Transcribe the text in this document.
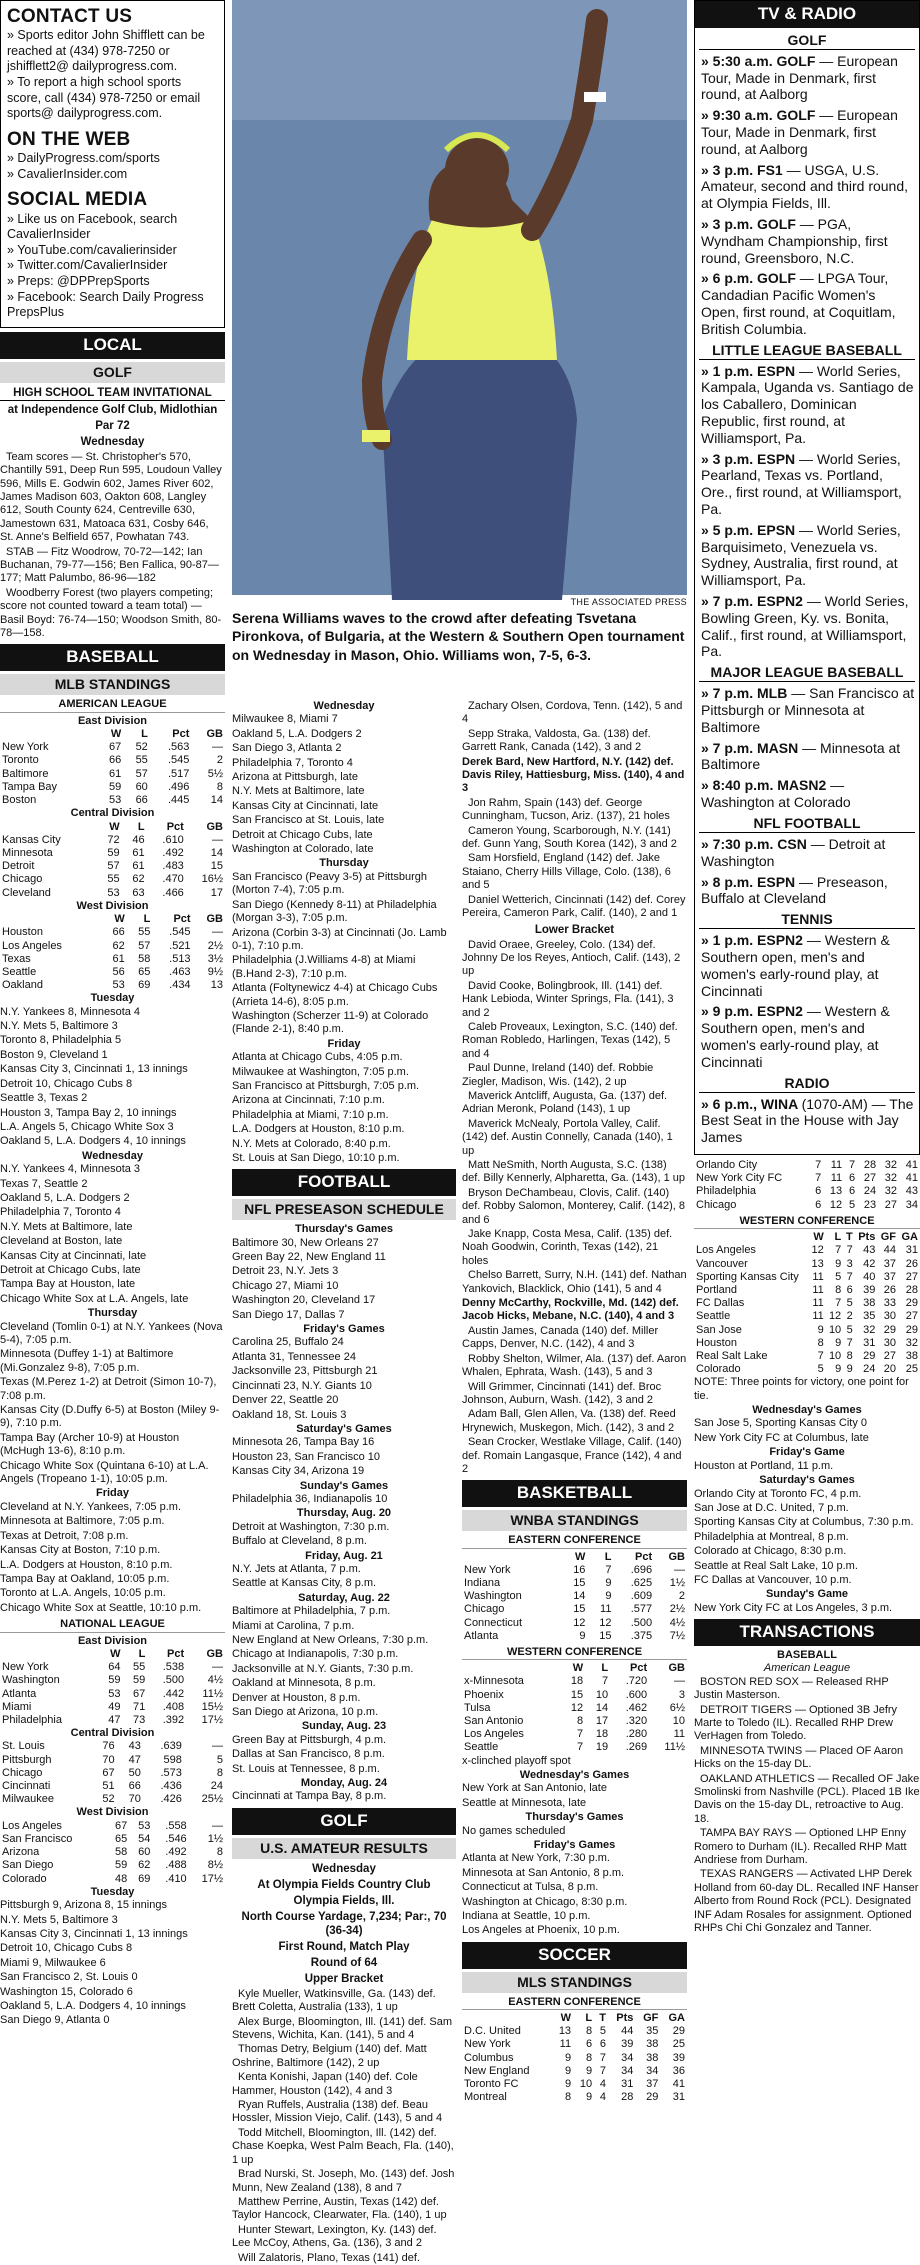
CONTACT US
» Sports editor John Shifflett can be reached at (434) 978-7250 or jshifflett2@ dailyprogress.com.
» To report a high school sports score, call (434) 978-7250 or email sports@ dailyprogress.com.
ON THE WEB
» DailyProgress.com/sports
» CavalierInsider.com
SOCIAL MEDIA
» Like us on Facebook, search CavalierInsider
» YouTube.com/cavalierinsider
» Twitter.com/CavalierInsider
» Preps: @DPPrepSports
» Facebook: Search Daily Progress PrepsPlus
LOCAL
GOLF
HIGH SCHOOL TEAM INVITATIONAL
at Independence Golf Club, Midlothian
Par 72
Wednesday
Team scores — St. Christopher's 570, Chantilly 591, Deep Run 595, Loudoun Valley 596, Mills E. Godwin 602, James River 602, James Madison 603, Oakton 608, Langley 612, South County 624, Centreville 630, Jamestown 631, Matoaca 631, Cosby 646, St. Anne's Belfield 657, Powhatan 743.
STAB — Fitz Woodrow, 70-72—142; Ian Buchanan, 79-77—156; Ben Fallica, 90-87—177; Matt Palumbo, 86-96—182
Woodberry Forest (two players competing; score not counted toward a team total) — Basil Boyd: 76-74—150; Woodson Smith, 80-78—158.
BASEBALL
MLB STANDINGS
AMERICAN LEAGUE
East Division
	W	L	Pct	GB
New York	67	52	.563	—
Toronto	66	55	.545	2
Baltimore	61	57	.517	5½
Tampa Bay	59	60	.496	8
Boston	53	66	.445	14
Central Division
	W	L	Pct	GB
Kansas City	72	46	.610	—
Minnesota	59	61	.492	14
Detroit	57	61	.483	15
Chicago	55	62	.470	16½
Cleveland	53	63	.466	17
West Division
	W	L	Pct	GB
Houston	66	55	.545	—
Los Angeles	62	57	.521	2½
Texas	61	58	.513	3½
Seattle	56	65	.463	9½
Oakland	53	69	.434	13
Tuesday
N.Y. Yankees 8, Minnesota 4
N.Y. Mets 5, Baltimore 3
Toronto 8, Philadelphia 5
Boston 9, Cleveland 1
Kansas City 3, Cincinnati 1, 13 innings
Detroit 10, Chicago Cubs 8
Seattle 3, Texas 2
Houston 3, Tampa Bay 2, 10 innings
L.A. Angels 5, Chicago White Sox 3
Oakland 5, L.A. Dodgers 4, 10 innings
Wednesday
N.Y. Yankees 4, Minnesota 3
Texas 7, Seattle 2
Oakland 5, L.A. Dodgers 2
Philadelphia 7, Toronto 4
N.Y. Mets at Baltimore, late
Cleveland at Boston, late
Kansas City at Cincinnati, late
Detroit at Chicago Cubs, late
Tampa Bay at Houston, late
Chicago White Sox at L.A. Angels, late
Thursday
Cleveland (Tomlin 0-1) at N.Y. Yankees (Nova 5-4), 7:05 p.m.
Minnesota (Duffey 1-1) at Baltimore (Mi.Gonzalez 9-8), 7:05 p.m.
Texas (M.Perez 1-2) at Detroit (Simon 10-7), 7:08 p.m.
Kansas City (D.Duffy 6-5) at Boston (Miley 9-9), 7:10 p.m.
Tampa Bay (Archer 10-9) at Houston (McHugh 13-6), 8:10 p.m.
Chicago White Sox (Quintana 6-10) at L.A. Angels (Tropeano 1-1), 10:05 p.m.
Friday
Cleveland at N.Y. Yankees, 7:05 p.m.
Minnesota at Baltimore, 7:05 p.m.
Texas at Detroit, 7:08 p.m.
Kansas City at Boston, 7:10 p.m.
L.A. Dodgers at Houston, 8:10 p.m.
Tampa Bay at Oakland, 10:05 p.m.
Toronto at L.A. Angels, 10:05 p.m.
Chicago White Sox at Seattle, 10:10 p.m.
NATIONAL LEAGUE
East Division
	W	L	Pct	GB
New York	64	55	.538	—
Washington	59	59	.500	4½
Atlanta	53	67	.442	11½
Miami	49	71	.408	15½
Philadelphia	47	73	.392	17½
Central Division
St. Louis	76	43	.639	—
Pittsburgh	70	47	598	5
Chicago	67	50	.573	8
Cincinnati	51	66	.436	24
Milwaukee	52	70	.426	25½
West Division
Los Angeles	67	53	.558	—
San Francisco	65	54	.546	1½
Arizona	58	60	.492	8
San Diego	59	62	.488	8½
Colorado	48	69	.410	17½
Tuesday
Pittsburgh 9, Arizona 8, 15 innings
N.Y. Mets 5, Baltimore 3
Kansas City 3, Cincinnati 1, 13 innings
Detroit 10, Chicago Cubs 8
Miami 9, Milwaukee 6
San Francisco 2, St. Louis 0
Washington 15, Colorado 6
Oakland 5, L.A. Dodgers 4, 10 innings
San Diego 9, Atlanta 0
THE ASSOCIATED PRESS
Serena Williams waves to the crowd after defeating Tsvetana Pironkova, of Bulgaria, at the Western & Southern Open tournament on Wednesday in Mason, Ohio. Williams won, 7-5, 6-3.
Wednesday
Milwaukee 8, Miami 7
Oakland 5, L.A. Dodgers 2
San Diego 3, Atlanta 2
Philadelphia 7, Toronto 4
Arizona at Pittsburgh, late
N.Y. Mets at Baltimore, late
Kansas City at Cincinnati, late
San Francisco at St. Louis, late
Detroit at Chicago Cubs, late
Washington at Colorado, late
Thursday
San Francisco (Peavy 3-5) at Pittsburgh (Morton 7-4), 7:05 p.m.
San Diego (Kennedy 8-11) at Philadelphia (Morgan 3-3), 7:05 p.m.
Arizona (Corbin 3-3) at Cincinnati (Jo. Lamb 0-1), 7:10 p.m.
Philadelphia (J.Williams 4-8) at Miami (B.Hand 2-3), 7:10 p.m.
Atlanta (Foltynewicz 4-4) at Chicago Cubs (Arrieta 14-6), 8:05 p.m.
Washington (Scherzer 11-9) at Colorado (Flande 2-1), 8:40 p.m.
Friday
Atlanta at Chicago Cubs, 4:05 p.m.
Milwaukee at Washington, 7:05 p.m.
San Francisco at Pittsburgh, 7:05 p.m.
Arizona at Cincinnati, 7:10 p.m.
Philadelphia at Miami, 7:10 p.m.
L.A. Dodgers at Houston, 8:10 p.m.
N.Y. Mets at Colorado, 8:40 p.m.
St. Louis at San Diego, 10:10 p.m.
FOOTBALL
NFL PRESEASON SCHEDULE
Thursday's Games
Baltimore 30, New Orleans 27
Green Bay 22, New England 11
Detroit 23, N.Y. Jets 3
Chicago 27, Miami 10
Washington 20, Cleveland 17
San Diego 17, Dallas 7
Friday's Games
Carolina 25, Buffalo 24
Atlanta 31, Tennessee 24
Jacksonville 23, Pittsburgh 21
Cincinnati 23, N.Y. Giants 10
Denver 22, Seattle 20
Oakland 18, St. Louis 3
Saturday's Games
Minnesota 26, Tampa Bay 16
Houston 23, San Francisco 10
Kansas City 34, Arizona 19
Sunday's Games
Philadelphia 36, Indianapolis 10
Thursday, Aug. 20
Detroit at Washington, 7:30 p.m.
Buffalo at Cleveland, 8 p.m.
Friday, Aug. 21
N.Y. Jets at Atlanta, 7 p.m.
Seattle at Kansas City, 8 p.m.
Saturday, Aug. 22
Baltimore at Philadelphia, 7 p.m.
Miami at Carolina, 7 p.m.
New England at New Orleans, 7:30 p.m.
Chicago at Indianapolis, 7:30 p.m.
Jacksonville at N.Y. Giants, 7:30 p.m.
Oakland at Minnesota, 8 p.m.
Denver at Houston, 8 p.m.
San Diego at Arizona, 10 p.m.
Sunday, Aug. 23
Green Bay at Pittsburgh, 4 p.m.
Dallas at San Francisco, 8 p.m.
St. Louis at Tennessee, 8 p.m.
Monday, Aug. 24
Cincinnati at Tampa Bay, 8 p.m.
GOLF
U.S. AMATEUR RESULTS
Wednesday
At Olympia Fields Country Club
Olympia Fields, Ill.
North Course Yardage, 7,234; Par:, 70 (36-34)
First Round, Match Play
Round of 64
Upper Bracket
Kyle Mueller, Watkinsville, Ga. (143) def. Brett Coletta, Australia (133), 1 up
Alex Burge, Bloomington, Ill. (141) def. Sam Stevens, Wichita, Kan. (141), 5 and 4
Thomas Detry, Belgium (140) def. Matt Oshrine, Baltimore (142), 2 up
Kenta Konishi, Japan (140) def. Cole Hammer, Houston (142), 4 and 3
Ryan Ruffels, Australia (138) def. Beau Hossler, Mission Viejo, Calif. (143), 5 and 4
Todd Mitchell, Bloomington, Ill. (142) def. Chase Koepka, West Palm Beach, Fla. (140), 1 up
Brad Nurski, St. Joseph, Mo. (143) def. Josh Munn, New Zealand (138), 8 and 7
Matthew Perrine, Austin, Texas (142) def. Taylor Hancock, Clearwater, Fla. (140), 1 up
Hunter Stewart, Lexington, Ky. (143) def. Lee McCoy, Athens, Ga. (136), 3 and 2
Will Zalatoris, Plano, Texas (141) def.
Zachary Olsen, Cordova, Tenn. (142), 5 and 4
Sepp Straka, Valdosta, Ga. (138) def. Garrett Rank, Canada (142), 3 and 2
Derek Bard, New Hartford, N.Y. (142) def. Davis Riley, Hattiesburg, Miss. (140), 4 and 3
Jon Rahm, Spain (143) def. George Cunningham, Tucson, Ariz. (137), 21 holes
Cameron Young, Scarborough, N.Y. (141) def. Gunn Yang, South Korea (142), 3 and 2
Sam Horsfield, England (142) def. Jake Staiano, Cherry Hills Village, Colo. (138), 6 and 5
Daniel Wetterich, Cincinnati (142) def. Corey Pereira, Cameron Park, Calif. (140), 2 and 1
Lower Bracket
David Oraee, Greeley, Colo. (134) def. Johnny De los Reyes, Antioch, Calif. (143), 2 up
David Cooke, Bolingbrook, Ill. (141) def. Hank Lebioda, Winter Springs, Fla. (141), 3 and 2
Caleb Proveaux, Lexington, S.C. (140) def. Roman Robledo, Harlingen, Texas (142), 5 and 4
Paul Dunne, Ireland (140) def. Robbie Ziegler, Madison, Wis. (142), 2 up
Maverick Antcliff, Augusta, Ga. (137) def. Adrian Meronk, Poland (143), 1 up
Maverick McNealy, Portola Valley, Calif. (142) def. Austin Connelly, Canada (140), 1 up
Matt NeSmith, North Augusta, S.C. (138) def. Billy Kennerly, Alpharetta, Ga. (143), 1 up
Bryson DeChambeau, Clovis, Calif. (140) def. Robby Salomon, Monterey, Calif. (142), 8 and 6
Jake Knapp, Costa Mesa, Calif. (135) def. Noah Goodwin, Corinth, Texas (142), 21 holes
Chelso Barrett, Surry, N.H. (141) def. Nathan Yankovich, Blacklick, Ohio (141), 5 and 4
Denny McCarthy, Rockville, Md. (142) def. Jacob Hicks, Mebane, N.C. (140), 4 and 3
Austin James, Canada (140) def. Miller Capps, Denver, N.C. (142), 4 and 3
Robby Shelton, Wilmer, Ala. (137) def. Aaron Whalen, Ephrata, Wash. (143), 5 and 3
Will Grimmer, Cincinnati (141) def. Broc Johnson, Auburn, Wash. (142), 3 and 2
Adam Ball, Glen Allen, Va. (138) def. Reed Hrynewich, Muskegon, Mich. (142), 3 and 2
Sean Crocker, Westlake Village, Calif. (140) def. Romain Langasque, France (142), 4 and 2
BASKETBALL
WNBA STANDINGS
EASTERN CONFERENCE
	W	L	Pct	GB
New York	16	7	.696	—
Indiana	15	9	.625	1½
Washington	14	9	.609	2
Chicago	15	11	.577	2½
Connecticut	12	12	.500	4½
Atlanta	9	15	.375	7½
WESTERN CONFERENCE
	W	L	Pct	GB
x-Minnesota	18	7	.720	—
Phoenix	15	10	.600	3
Tulsa	12	14	.462	6½
San Antonio	8	17	.320	10
Los Angeles	7	18	.280	11
Seattle	7	19	.269	11½
x-clinched playoff spot
Wednesday's Games
New York at San Antonio, late
Seattle at Minnesota, late
Thursday's Games
No games scheduled
Friday's Games
Atlanta at New York, 7:30 p.m.
Minnesota at San Antonio, 8 p.m.
Connecticut at Tulsa, 8 p.m.
Washington at Chicago, 8:30 p.m.
Indiana at Seattle, 10 p.m.
Los Angeles at Phoenix, 10 p.m.
SOCCER
MLS STANDINGS
EASTERN CONFERENCE
	W	L	T	Pts	GF	GA
D.C. United	13	8	5	44	35	29
New York	11	6	6	39	38	25
Columbus	9	8	7	34	38	39
New England	9	9	7	34	34	36
Toronto FC	9	10	4	31	37	41
Montreal	8	9	4	28	29	31
TV & RADIO
GOLF
» 5:30 a.m. GOLF — European Tour, Made in Denmark, first round, at Aalborg
» 9:30 a.m. GOLF — European Tour, Made in Denmark, first round, at Aalborg
» 3 p.m. FS1 — USGA, U.S. Amateur, second and third round, at Olympia Fields, Ill.
» 3 p.m. GOLF — PGA, Wyndham Championship, first round, Greensboro, N.C.
» 6 p.m. GOLF — LPGA Tour, Candadian Pacific Women's Open, first round, at Coquitlam, British Columbia.
LITTLE LEAGUE BASEBALL
» 1 p.m. ESPN — World Series, Kampala, Uganda vs. Santiago de los Caballero, Dominican Republic, first round, at Williamsport, Pa.
» 3 p.m. ESPN — World Series, Pearland, Texas vs. Portland, Ore., first round, at Williamsport, Pa.
» 5 p.m. EPSN — World Series, Barquisimeto, Venezuela vs. Sydney, Australia, first round, at Williamsport, Pa.
» 7 p.m. ESPN2 — World Series, Bowling Green, Ky. vs. Bonita, Calif., first round, at Williamsport, Pa.
MAJOR LEAGUE BASEBALL
» 7 p.m. MLB — San Francisco at Pittsburgh or Minnesota at Baltimore
» 7 p.m. MASN — Minnesota at Baltimore
» 8:40 p.m. MASN2 — Washington at Colorado
NFL FOOTBALL
» 7:30 p.m. CSN — Detroit at Washington
» 8 p.m. ESPN — Preseason, Buffalo at Cleveland
TENNIS
» 1 p.m. ESPN2 — Western & Southern open, men's and women's early-round play, at Cincinnati
» 9 p.m. ESPN2 — Western & Southern open, men's and women's early-round play, at Cincinnati
RADIO
» 6 p.m., WINA (1070-AM) — The Best Seat in the House with Jay James
Orlando City	7	11	7	28	32	41
New York City FC	7	11	6	27	32	41
Philadelphia	6	13	6	24	32	43
Chicago	6	12	5	23	27	34
WESTERN CONFERENCE
	W	L	T	Pts	GF	GA
Los Angeles	12	7	7	43	44	31
Vancouver	13	9	3	42	37	26
Sporting Kansas City	11	5	7	40	37	27
Portland	11	8	6	39	26	28
FC Dallas	11	7	5	38	33	29
Seattle	11	12	2	35	30	27
San Jose	9	10	5	32	29	29
Houston	8	9	7	31	30	32
Real Salt Lake	7	10	8	29	27	38
Colorado	5	9	9	24	20	25
NOTE: Three points for victory, one point for tie.
Wednesday's Games
San Jose 5, Sporting Kansas City 0
New York City FC at Columbus, late
Friday's Game
Houston at Portland, 11 p.m.
Saturday's Games
Orlando City at Toronto FC, 4 p.m.
San Jose at D.C. United, 7 p.m.
Sporting Kansas City at Columbus, 7:30 p.m.
Philadelphia at Montreal, 8 p.m.
Colorado at Chicago, 8:30 p.m.
Seattle at Real Salt Lake, 10 p.m.
FC Dallas at Vancouver, 10 p.m.
Sunday's Game
New York City FC at Los Angeles, 3 p.m.
TRANSACTIONS
BASEBALL
American League
BOSTON RED SOX — Released RHP Justin Masterson.
DETROIT TIGERS — Optioned 3B Jefry Marte to Toledo (IL). Recalled RHP Drew VerHagen from Toledo.
MINNESOTA TWINS — Placed OF Aaron Hicks on the 15-day DL.
OAKLAND ATHLETICS — Recalled OF Jake Smolinski from Nashville (PCL). Placed 1B Ike Davis on the 15-day DL, retroactive to Aug. 18.
TAMPA BAY RAYS — Optioned LHP Enny Romero to Durham (IL). Recalled RHP Matt Andriese from Durham.
TEXAS RANGERS — Activated LHP Derek Holland from 60-day DL. Recalled INF Hanser Alberto from Round Rock (PCL). Designated INF Adam Rosales for assignment. Optioned RHPs Chi Chi Gonzalez and Tanner.
